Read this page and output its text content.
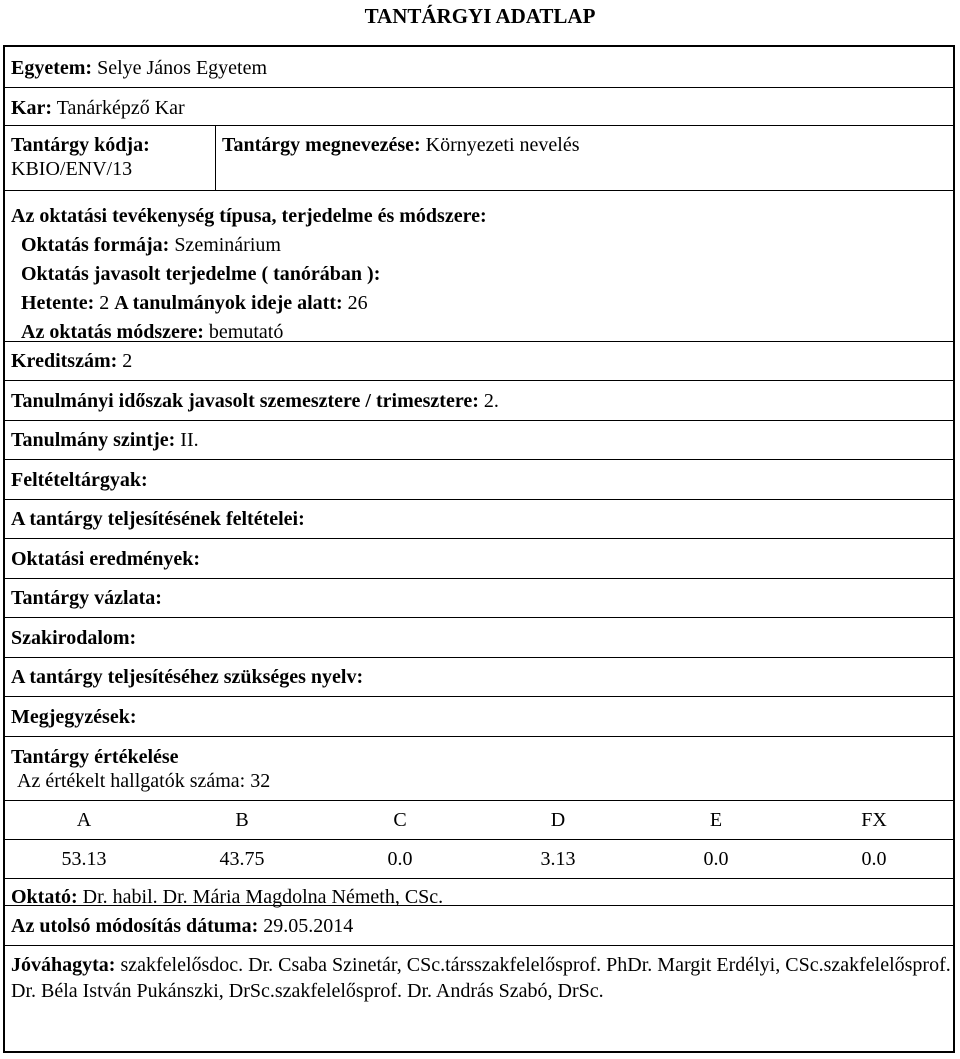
TANTÁRGYI ADATLAP
Egyetem: Selye János Egyetem
Kar: Tanárképző Kar
Tantárgy kódja:
KBIO/ENV/13
Tantárgy megnevezése: Környezeti nevelés
Az oktatási tevékenység típusa, terjedelme és módszere:
Oktatás formája: Szeminárium
Oktatás javasolt terjedelme ( tanórában ):
Hetente: 2 A tanulmányok ideje alatt: 26
Az oktatás módszere: bemutató
Kreditszám: 2
Tanulmányi időszak javasolt szemesztere / trimesztere: 2.
Tanulmány szintje: II.
Feltételtárgyak:
A tantárgy teljesítésének feltételei:
Oktatási eredmények:
Tantárgy vázlata:
Szakirodalom:
A tantárgy teljesítéséhez szükséges nyelv:
Megjegyzések:
Tantárgy értékelése
Az értékelt hallgatók száma: 32
A	B	C	D	E	FX
53.13	43.75	0.0	3.13	0.0	0.0
Oktató: Dr. habil. Dr. Mária Magdolna Németh, CSc.
Az utolsó módosítás dátuma: 29.05.2014
Jóváhagyta: szakfelelősdoc. Dr. Csaba Szinetár, CSc.társszakfelelősprof. PhDr. Margit Erdélyi, CSc.szakfelelősprof. Dr. Béla István Pukánszki, DrSc.szakfelelősprof. Dr. András Szabó, DrSc.
